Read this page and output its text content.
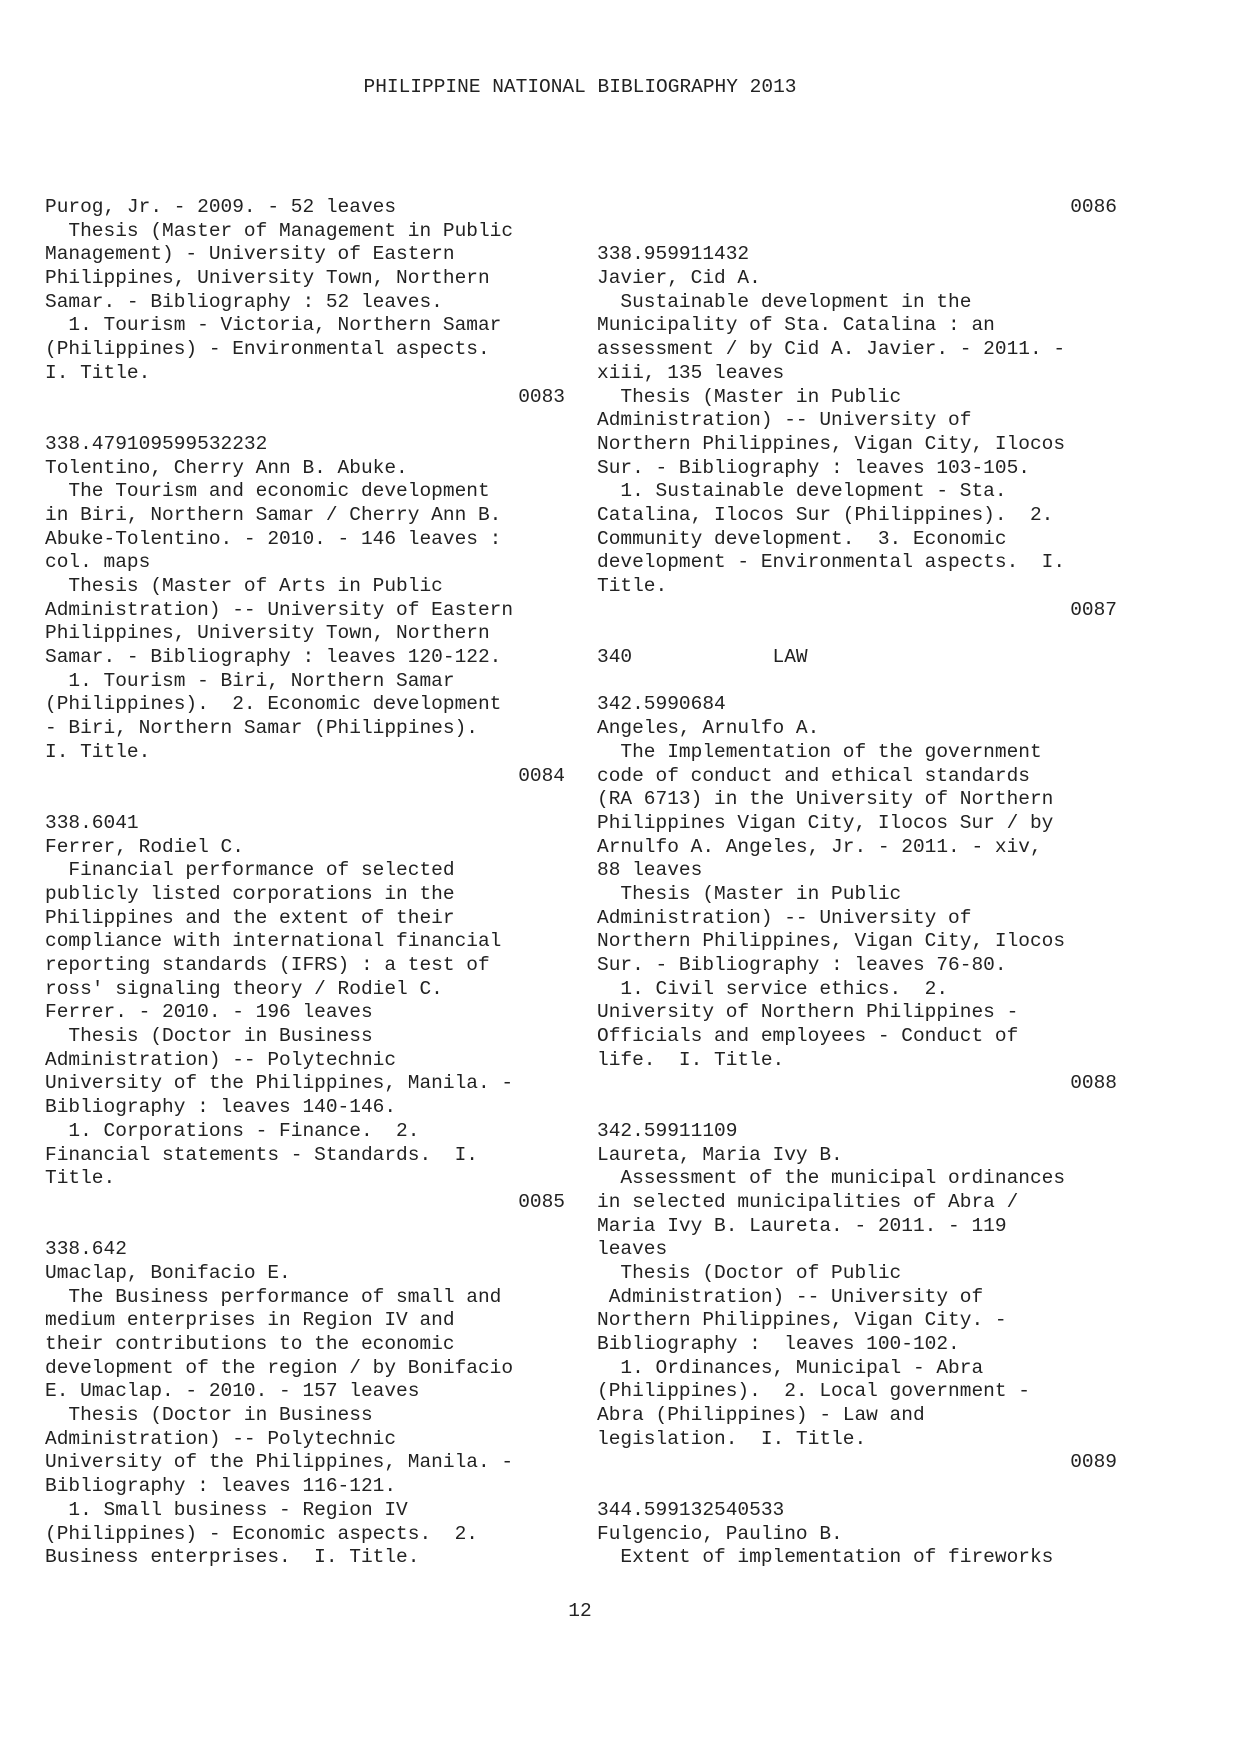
PHILIPPINE NATIONAL BIBLIOGRAPHY 2013
Purog, Jr. - 2009. - 52 leaves
Thesis (Master of Management in Public
Management) - University of Eastern
Philippines, University Town, Northern
Samar. - Bibliography : 52 leaves.
1. Tourism - Victoria, Northern Samar
(Philippines) - Environmental aspects.
I. Title.
0083
338.479109599532232
Tolentino, Cherry Ann B. Abuke.
The Tourism and economic development
in Biri, Northern Samar / Cherry Ann B.
Abuke-Tolentino. - 2010. - 146 leaves :
col. maps
Thesis (Master of Arts in Public
Administration) -- University of Eastern
Philippines, University Town, Northern
Samar. - Bibliography : leaves 120-122.
1. Tourism - Biri, Northern Samar
(Philippines).  2. Economic development
- Biri, Northern Samar (Philippines).
I. Title.
0084
338.6041
Ferrer, Rodiel C.
Financial performance of selected
publicly listed corporations in the
Philippines and the extent of their
compliance with international financial
reporting standards (IFRS) : a test of
ross' signaling theory / Rodiel C.
Ferrer. - 2010. - 196 leaves
Thesis (Doctor in Business
Administration) -- Polytechnic
University of the Philippines, Manila. -
Bibliography : leaves 140-146.
1. Corporations - Finance.  2.
Financial statements - Standards.  I.
Title.
0085
338.642
Umaclap, Bonifacio E.
The Business performance of small and
medium enterprises in Region IV and
their contributions to the economic
development of the region / by Bonifacio
E. Umaclap. - 2010. - 157 leaves
Thesis (Doctor in Business
Administration) -- Polytechnic
University of the Philippines, Manila. -
Bibliography : leaves 116-121.
1. Small business - Region IV
(Philippines) - Economic aspects.  2.
Business enterprises.  I. Title.
0086
338.959911432
Javier, Cid A.
Sustainable development in the
Municipality of Sta. Catalina : an
assessment / by Cid A. Javier. - 2011. -
xiii, 135 leaves
Thesis (Master in Public
Administration) -- University of
Northern Philippines, Vigan City, Ilocos
Sur. - Bibliography : leaves 103-105.
1. Sustainable development - Sta.
Catalina, Ilocos Sur (Philippines).  2.
Community development.  3. Economic
development - Environmental aspects.  I.
Title.
0087
340            LAW
342.5990684
Angeles, Arnulfo A.
The Implementation of the government
code of conduct and ethical standards
(RA 6713) in the University of Northern
Philippines Vigan City, Ilocos Sur / by
Arnulfo A. Angeles, Jr. - 2011. - xiv,
88 leaves
Thesis (Master in Public
Administration) -- University of
Northern Philippines, Vigan City, Ilocos
Sur. - Bibliography : leaves 76-80.
1. Civil service ethics.  2.
University of Northern Philippines -
Officials and employees - Conduct of
life.  I. Title.
0088
342.59911109
Laureta, Maria Ivy B.
Assessment of the municipal ordinances
in selected municipalities of Abra /
Maria Ivy B. Laureta. - 2011. - 119
leaves
Thesis (Doctor of Public
Administration) -- University of
Northern Philippines, Vigan City. -
Bibliography :  leaves 100-102.
1. Ordinances, Municipal - Abra
(Philippines).  2. Local government -
Abra (Philippines) - Law and
legislation.  I. Title.
0089
344.599132540533
Fulgencio, Paulino B.
Extent of implementation of fireworks
12
